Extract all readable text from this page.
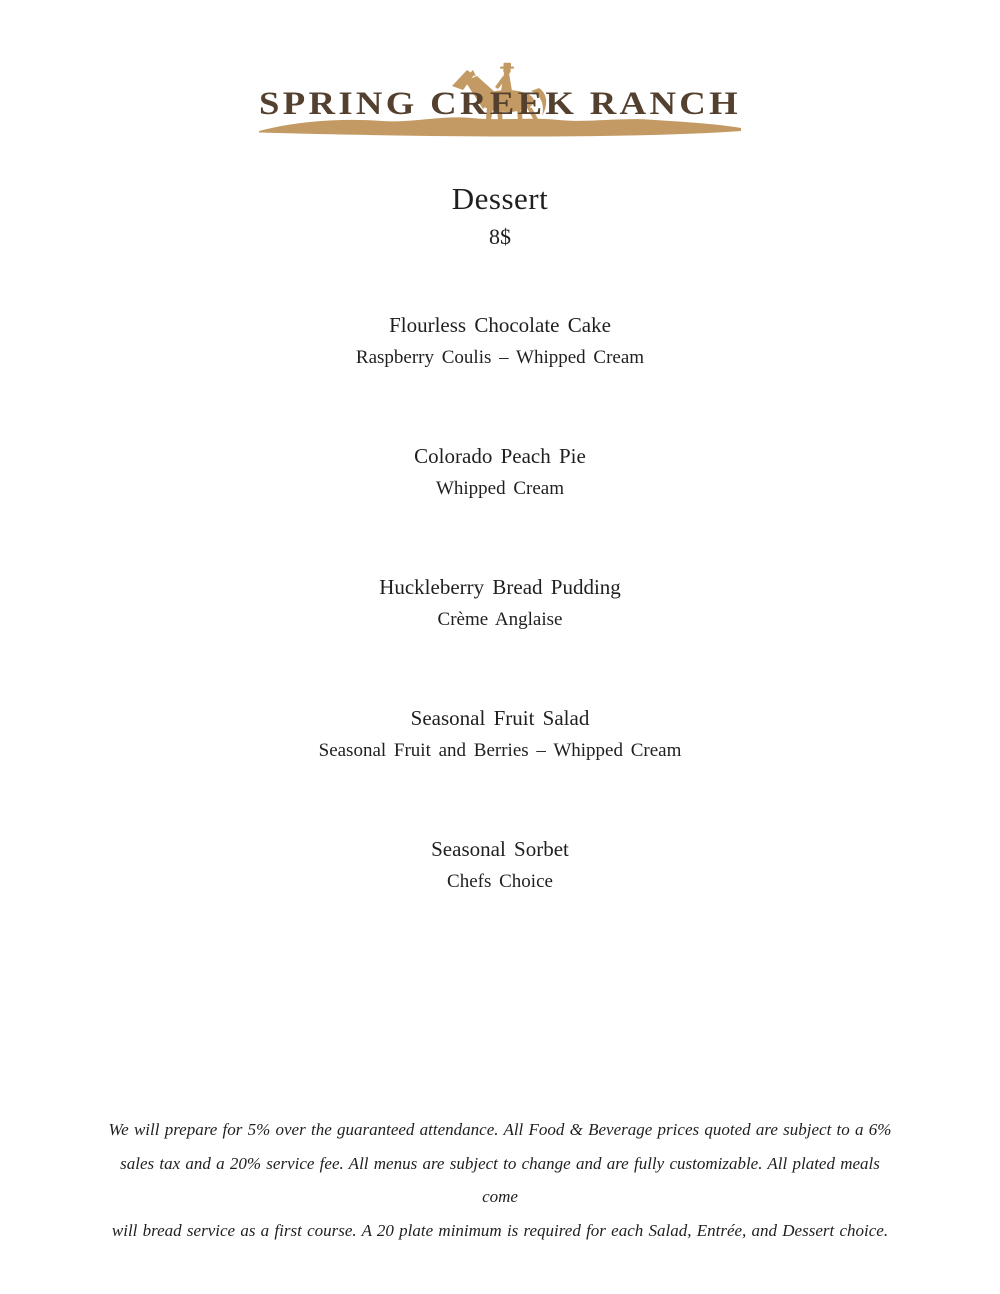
SPRING CREEK RANCH
Dessert
8$
Flourless Chocolate Cake
Raspberry Coulis – Whipped Cream
Colorado Peach Pie
Whipped Cream
Huckleberry Bread Pudding
Crème Anglaise
Seasonal Fruit Salad
Seasonal Fruit and Berries – Whipped Cream
Seasonal Sorbet
Chefs Choice
We will prepare for 5% over the guaranteed attendance. All Food & Beverage prices quoted are subject to a 6%
sales tax and a 20% service fee. All menus are subject to change and are fully customizable. All plated meals come
will bread service as a first course. A 20 plate minimum is required for each Salad, Entrée, and Dessert choice.
